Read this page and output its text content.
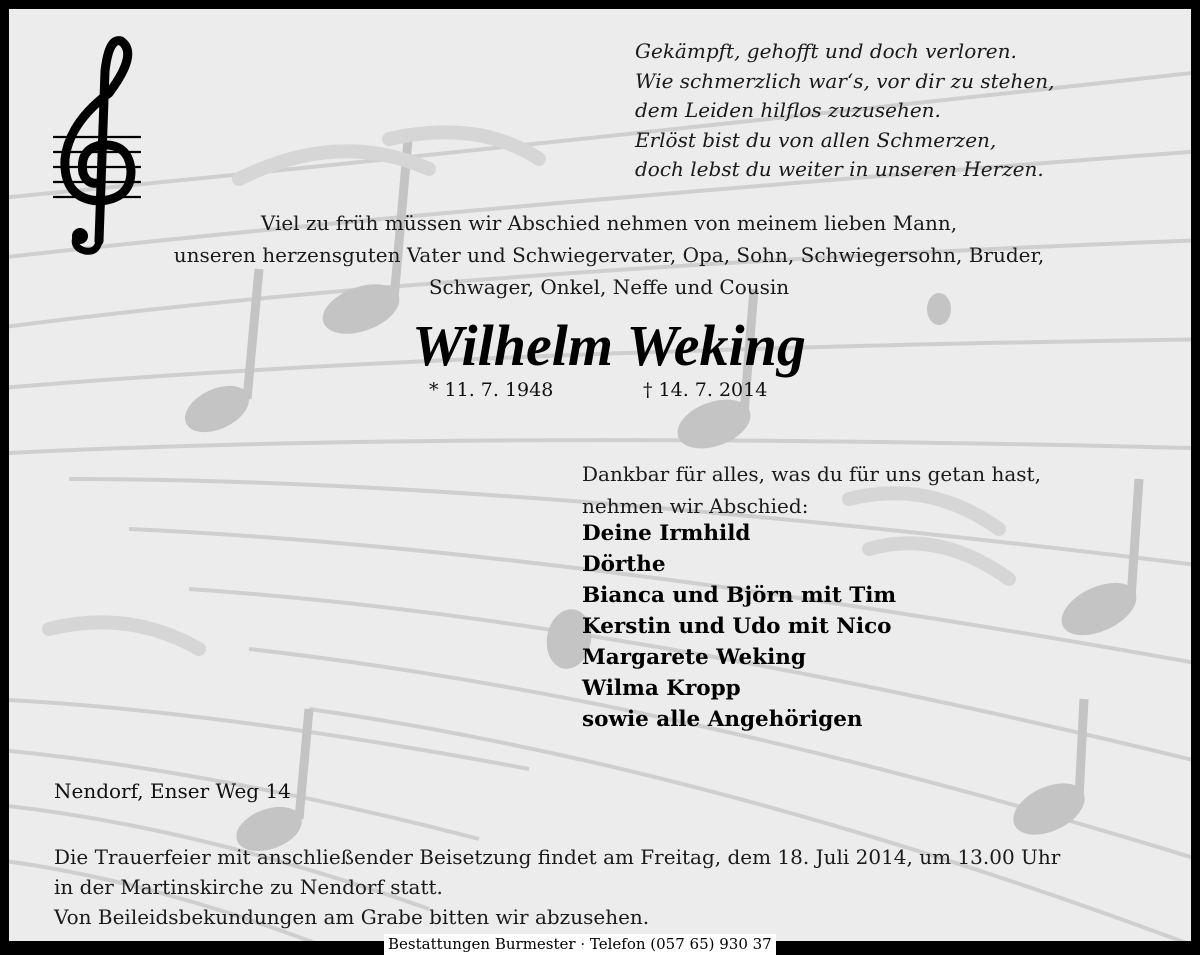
Gekämpft, gehofft und doch verloren.
Wie schmerzlich war‘s, vor dir zu stehen,
dem Leiden hilflos zuzusehen.
Erlöst bist du von allen Schmerzen,
doch lebst du weiter in unseren Herzen.
Viel zu früh müssen wir Abschied nehmen von meinem lieben Mann,
unseren herzensguten Vater und Schwiegervater, Opa, Sohn, Schwiegersohn, Bruder,
Schwager, Onkel, Neffe und Cousin
Wilhelm Weking
* 11. 7. 1948	† 14. 7. 2014
Dankbar für alles, was du für uns getan hast,
nehmen wir Abschied:
Deine Irmhild
Dörthe
Bianca und Björn mit Tim
Kerstin und Udo mit Nico
Margarete Weking
Wilma Kropp
sowie alle Angehörigen
Nendorf, Enser Weg 14
Die Trauerfeier mit anschließender Beisetzung findet am Freitag, dem 18. Juli 2014, um 13.00 Uhr
in der Martinskirche zu Nendorf statt.
Von Beileidsbekundungen am Grabe bitten wir abzusehen.
Bestattungen Burmester · Telefon (057 65) 930 37
